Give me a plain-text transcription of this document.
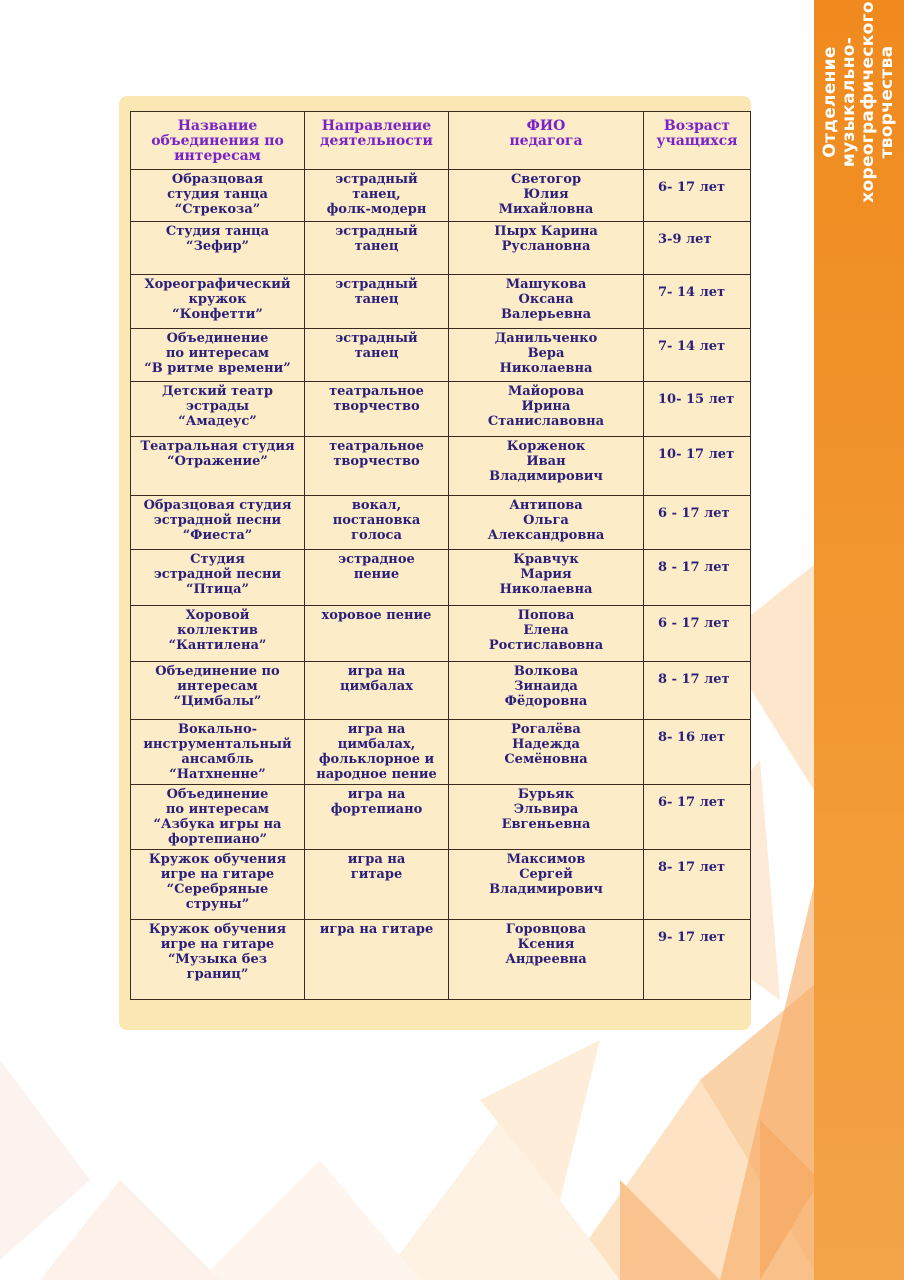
Отделение
музыкально-
хореографического
творчества
Название
объединения по
интересам	Направление
деятельности	ФИО
педагога	Возраст
учащихся
Образцовая
студия танца
“Стрекоза”	эстрадный
танец,
фолк-модерн	Светогор
Юлия
Михайловна	6- 17 лет
Студия танца
“Зефир”	эстрадный
танец	Пырх Карина
Руслановна	3-9 лет
Хореографический
кружок
“Конфетти”	эстрадный
танец	Машукова
Оксана
Валерьевна	7- 14 лет
Объединение
по интересам
“В ритме времени”	эстрадный
танец	Данильченко
Вера
Николаевна	7- 14 лет
Детский театр
эстрады
“Амадеус”	театральное
творчество	Майорова
Ирина
Станиславовна	10- 15 лет
Театральная студия
“Отражение”	театральное
творчество	Корженок
Иван
Владимирович	10- 17 лет
Образцовая студия
эстрадной песни
“Фиеста”	вокал,
постановка
голоса	Антипова
Ольга
Александровна	6 - 17 лет
Студия
эстрадной песни
“Птица”	эстрадное
пение	Кравчук
Мария
Николаевна	8 - 17 лет
Хоровой
коллектив
“Кантилена”	хоровое пение	Попова
Елена
Ростиславовна	6 - 17 лет
Объединение по
интересам
“Цимбалы”	игра на
цимбалах	Волкова
Зинаида
Фёдоровна	8 - 17 лет
Вокально-
инструментальный
ансамбль
“Натхненне”	игра на
цимбалах,
фольклорное и
народное пение	Рогалёва
Надежда
Семёновна	8- 16 лет
Объединение
по интересам
“Азбука игры на
фортепиано”	игра на
фортепиано	Бурьяк
Эльвира
Евгеньевна	6- 17 лет
Кружок обучения
игре на гитаре
“Серебряные
струны”	игра на
гитаре	Максимов
Сергей
Владимирович	8- 17 лет
Кружок обучения
игре на гитаре
“Музыка без
границ”	игра на гитаре	Горовцова
Ксения
Андреевна	9- 17 лет
